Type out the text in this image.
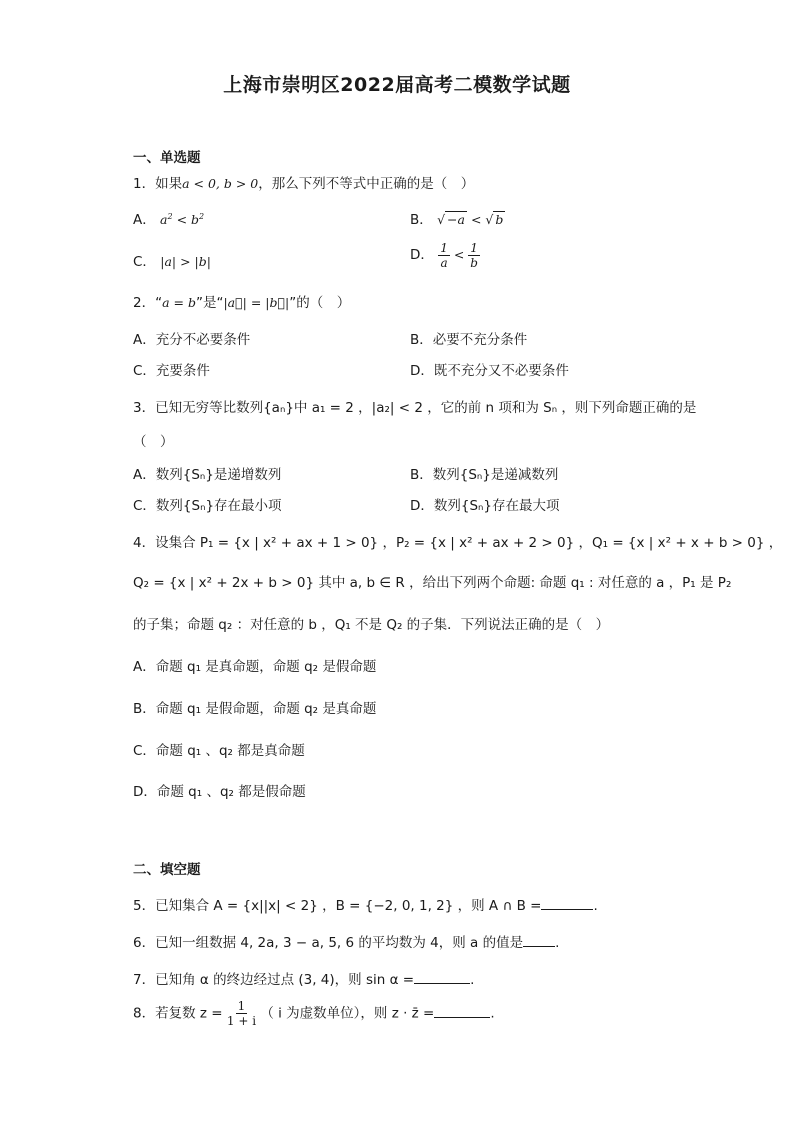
上海市崇明区2022届高考二模数学试题
一、单选题
1．如果a < 0, b > 0，那么下列不等式中正确的是（　）
A． $a^2 < b^2$	B． √ −a < √ b
C． |a| > |b|	D． $\frac{1}{a} < \frac{1}{b}$
2．“a = b”是“|a⃗| = |b⃗|”的（　）
A．充分不必要条件	B．必要不充分条件
C．充要条件	D．既不充分又不必要条件
3．已知无穷等比数列{aₙ}中 a₁ = 2 ，|a₂| < 2 ，它的前 n 项和为 Sₙ ，则下列命题正确的是
（　）
A．数列{Sₙ}是递增数列	B．数列{Sₙ}是递减数列
C．数列{Sₙ}存在最小项	D．数列{Sₙ}存在最大项
4．设集合 P₁ = {x | x² + ax + 1 > 0} ，P₂ = {x | x² + ax + 2 > 0} ，Q₁ = {x | x² + x + b > 0} ，
Q₂ = {x | x² + 2x + b > 0} 其中 a, b ∈ R ，给出下列两个命题: 命题 q₁ : 对任意的 a ，P₁ 是 P₂
的子集；命题 q₂ ：对任意的 b ，Q₁ 不是 Q₂ 的子集．下列说法正确的是（　）
A．命题 q₁ 是真命题，命题 q₂ 是假命题
B．命题 q₁ 是假命题，命题 q₂ 是真命题
C．命题 q₁ 、q₂ 都是真命题
D．命题 q₁ 、q₂ 都是假命题
二、填空题
5．已知集合 A = {x||x| < 2} ，B = {−2, 0, 1, 2} ，则 A ∩ B =	.
6．已知一组数据 4, 2a, 3 − a, 5, 6 的平均数为 4，则 a 的值是 .
7．已知角 α 的终边经过点 (3, 4)，则 sin α =	.
8．若复数 $z = \frac{1}{1 + i}$ （ i 为虚数单位），则 z · z̄ =	.
